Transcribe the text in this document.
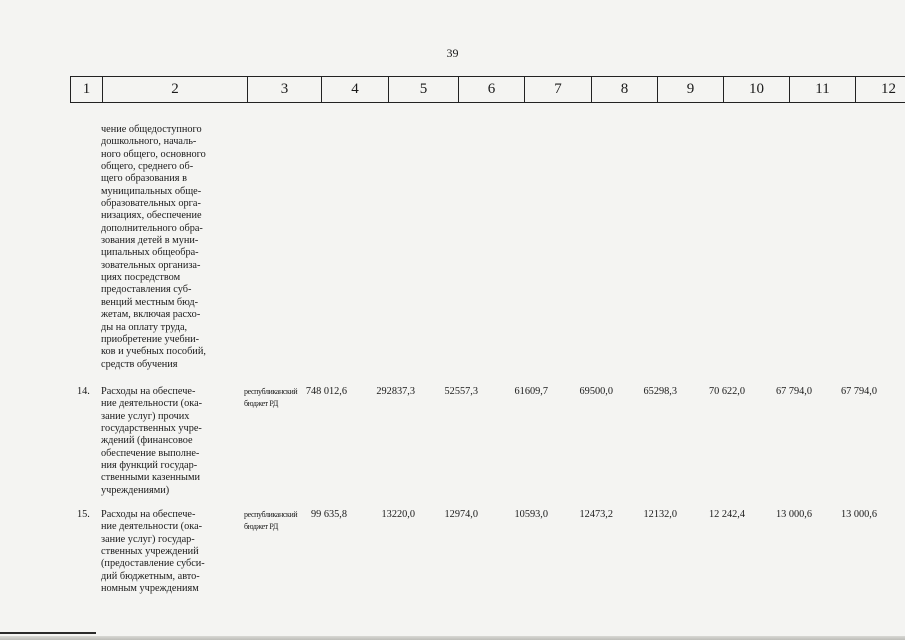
39
1	2	3	4	5	6	7	8	9	10	11	12
чение общедоступного
дошкольного, началь-
ного общего, основного
общего, среднего об-
щего образования в
муниципальных обще-
образовательных орга-
низациях, обеспечение
дополнительного обра-
зования детей в муни-
ципальных общеобра-
зовательных организа-
циях посредством
предоставления суб-
венций местным бюд-
жетам, включая расхо-
ды на оплату труда,
приобретение учебни-
ков и учебных пособий,
средств обучения
14.	Расходы на обеспече-
ние деятельности (ока-
зание услуг) прочих
государственных учре-
ждений (финансовое
обеспечение выполне-
ния функций государ-
ственными казенными
учреждениями)
республиканский
бюджет РД
748 012,6	292837,3	52557,3	61609,7	69500,0	65298,3	70 622,0	67 794,0	67 794,0
15.	Расходы на обеспече-
ние деятельности (ока-
зание услуг) государ-
ственных учреждений
(предоставление субси-
дий бюджетным, авто-
номным учреждениям
республиканский
бюджет РД
99 635,8	13220,0	12974,0	10593,0	12473,2	12132,0	12 242,4	13 000,6	13 000,6
